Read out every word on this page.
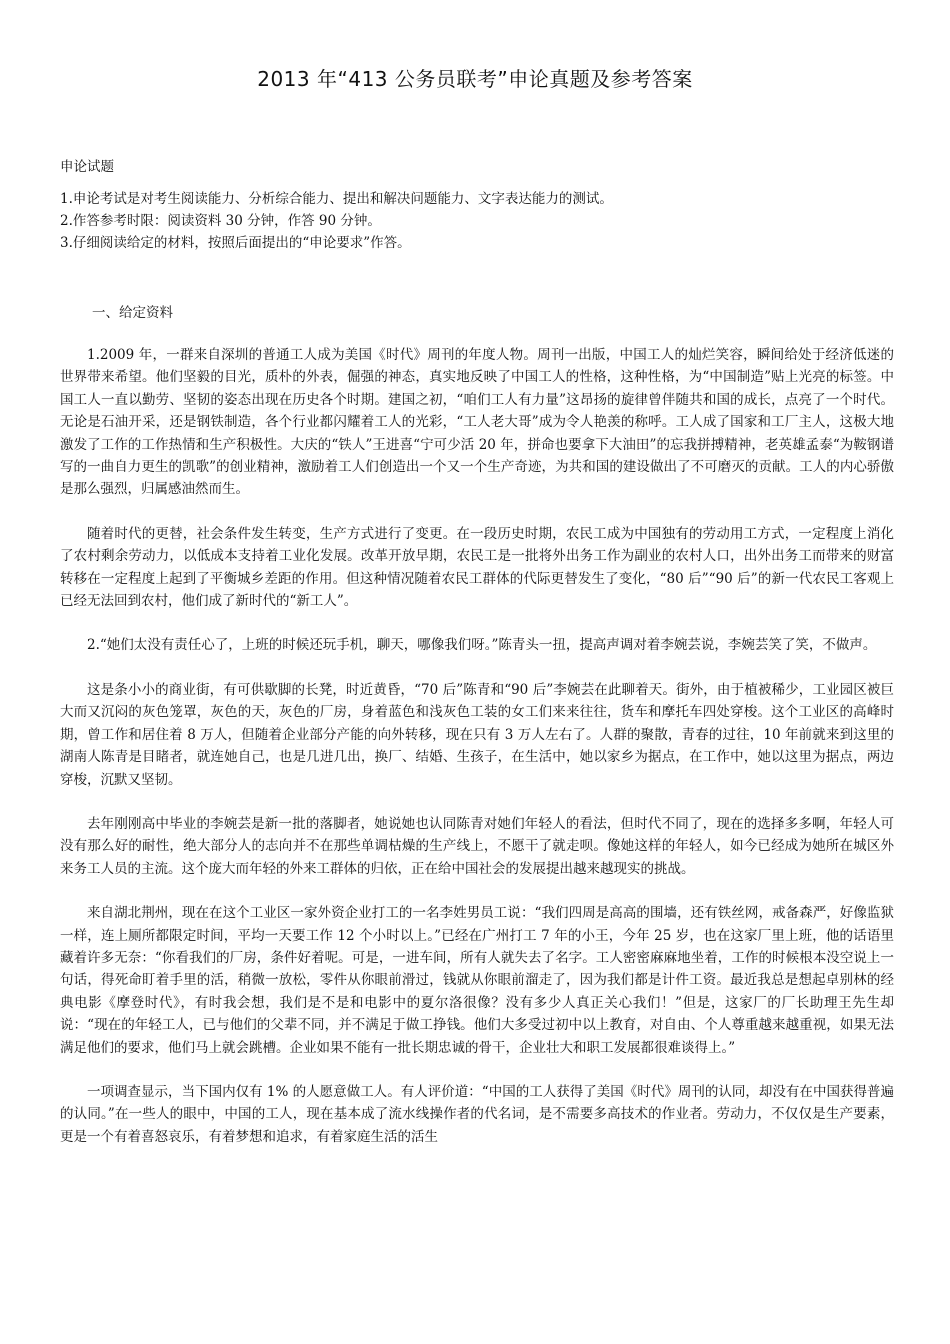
2013 年“413 公务员联考”申论真题及参考答案

申论试题

1.申论考试是对考生阅读能力、分析综合能力、提出和解决问题能力、文字表达能力的测试。
2.作答参考时限：阅读资料 30 分钟，作答 90 分钟。
3.仔细阅读给定的材料，按照后面提出的“申论要求”作答。

一、给定资料

1.2009 年，一群来自深圳的普通工人成为美国《时代》周刊的年度人物。周刊一出版，中国工人的灿烂笑容，瞬间给处于经济低迷的世界带来希望。他们坚毅的目光，质朴的外表，倔强的神态，真实地反映了中国工人的性格，这种性格，为“中国制造”贴上光亮的标签。中国工人一直以勤劳、坚韧的姿态出现在历史各个时期。建国之初，“咱们工人有力量”这昂扬的旋律曾伴随共和国的成长，点亮了一个时代。无论是石油开采，还是钢铁制造，各个行业都闪耀着工人的光彩，“工人老大哥”成为令人艳羡的称呼。工人成了国家和工厂主人，这极大地激发了工作的工作热情和生产积极性。大庆的“铁人”王进喜“宁可少活 20 年，拼命也要拿下大油田”的忘我拼搏精神，老英雄孟泰“为鞍钢谱写的一曲自力更生的凯歌”的创业精神，激励着工人们创造出一个又一个生产奇迹，为共和国的建设做出了不可磨灭的贡献。工人的内心骄傲是那么强烈，归属感油然而生。

随着时代的更替，社会条件发生转变，生产方式进行了变更。在一段历史时期，农民工成为中国独有的劳动用工方式，一定程度上消化了农村剩余劳动力，以低成本支持着工业化发展。改革开放早期，农民工是一批将外出务工作为副业的农村人口，出外出务工而带来的财富转移在一定程度上起到了平衡城乡差距的作用。但这种情况随着农民工群体的代际更替发生了变化，“80 后”“90 后”的新一代农民工客观上已经无法回到农村，他们成了新时代的“新工人”。

2.“她们太没有责任心了，上班的时候还玩手机，聊天，哪像我们呀。”陈青头一扭，提高声调对着李婉芸说，李婉芸笑了笑，不做声。

这是条小小的商业街，有可供歇脚的长凳，时近黄昏，“70 后”陈青和“90 后”李婉芸在此聊着天。街外，由于植被稀少，工业园区被巨大而又沉闷的灰色笼罩，灰色的天，灰色的厂房，身着蓝色和浅灰色工装的女工们来来往往，货车和摩托车四处穿梭。这个工业区的高峰时期，曾工作和居住着 8 万人，但随着企业部分产能的向外转移，现在只有 3 万人左右了。人群的聚散，青春的过往，10 年前就来到这里的湖南人陈青是目睹者，就连她自己，也是几进几出，换厂、结婚、生孩子，在生活中，她以家乡为据点，在工作中，她以这里为据点，两边穿梭，沉默又坚韧。

去年刚刚高中毕业的李婉芸是新一批的落脚者，她说她也认同陈青对她们年轻人的看法，但时代不同了，现在的选择多多啊，年轻人可没有那么好的耐性，绝大部分人的志向并不在那些单调枯燥的生产线上，不愿干了就走呗。像她这样的年轻人，如今已经成为她所在城区外来务工人员的主流。这个庞大而年轻的外来工群体的归依，正在给中国社会的发展提出越来越现实的挑战。

来自湖北荆州，现在在这个工业区一家外资企业打工的一名李姓男员工说：“我们四周是高高的围墙，还有铁丝网，戒备森严，好像监狱一样，连上厕所都限定时间，平均一天要工作 12 个小时以上。”已经在广州打工 7 年的小王，今年 25 岁，也在这家厂里上班，他的话语里藏着许多无奈：“你看我们的厂房，条件好着呢。可是，一进车间，所有人就失去了名字。工人密密麻麻地坐着，工作的时候根本没空说上一句话，得死命盯着手里的活，稍微一放松，零件从你眼前滑过，钱就从你眼前溜走了，因为我们都是计件工资。最近我总是想起卓别林的经典电影《摩登时代》，有时我会想，我们是不是和电影中的夏尔洛很像？没有多少人真正关心我们！”但是，这家厂的厂长助理王先生却说：“现在的年轻工人，已与他们的父辈不同，并不满足于做工挣钱。他们大多受过初中以上教育，对自由、个人尊重越来越重视，如果无法满足他们的要求，他们马上就会跳槽。企业如果不能有一批长期忠诚的骨干，企业壮大和职工发展都很难谈得上。”

一项调查显示，当下国内仅有 1% 的人愿意做工人。有人评价道：“中国的工人获得了美国《时代》周刊的认同，却没有在中国获得普遍的认同。”在一些人的眼中，中国的工人，现在基本成了流水线操作者的代名词，是不需要多高技术的作业者。劳动力，不仅仅是生产要素，更是一个有着喜怒哀乐，有着梦想和追求，有着家庭生活的活生
